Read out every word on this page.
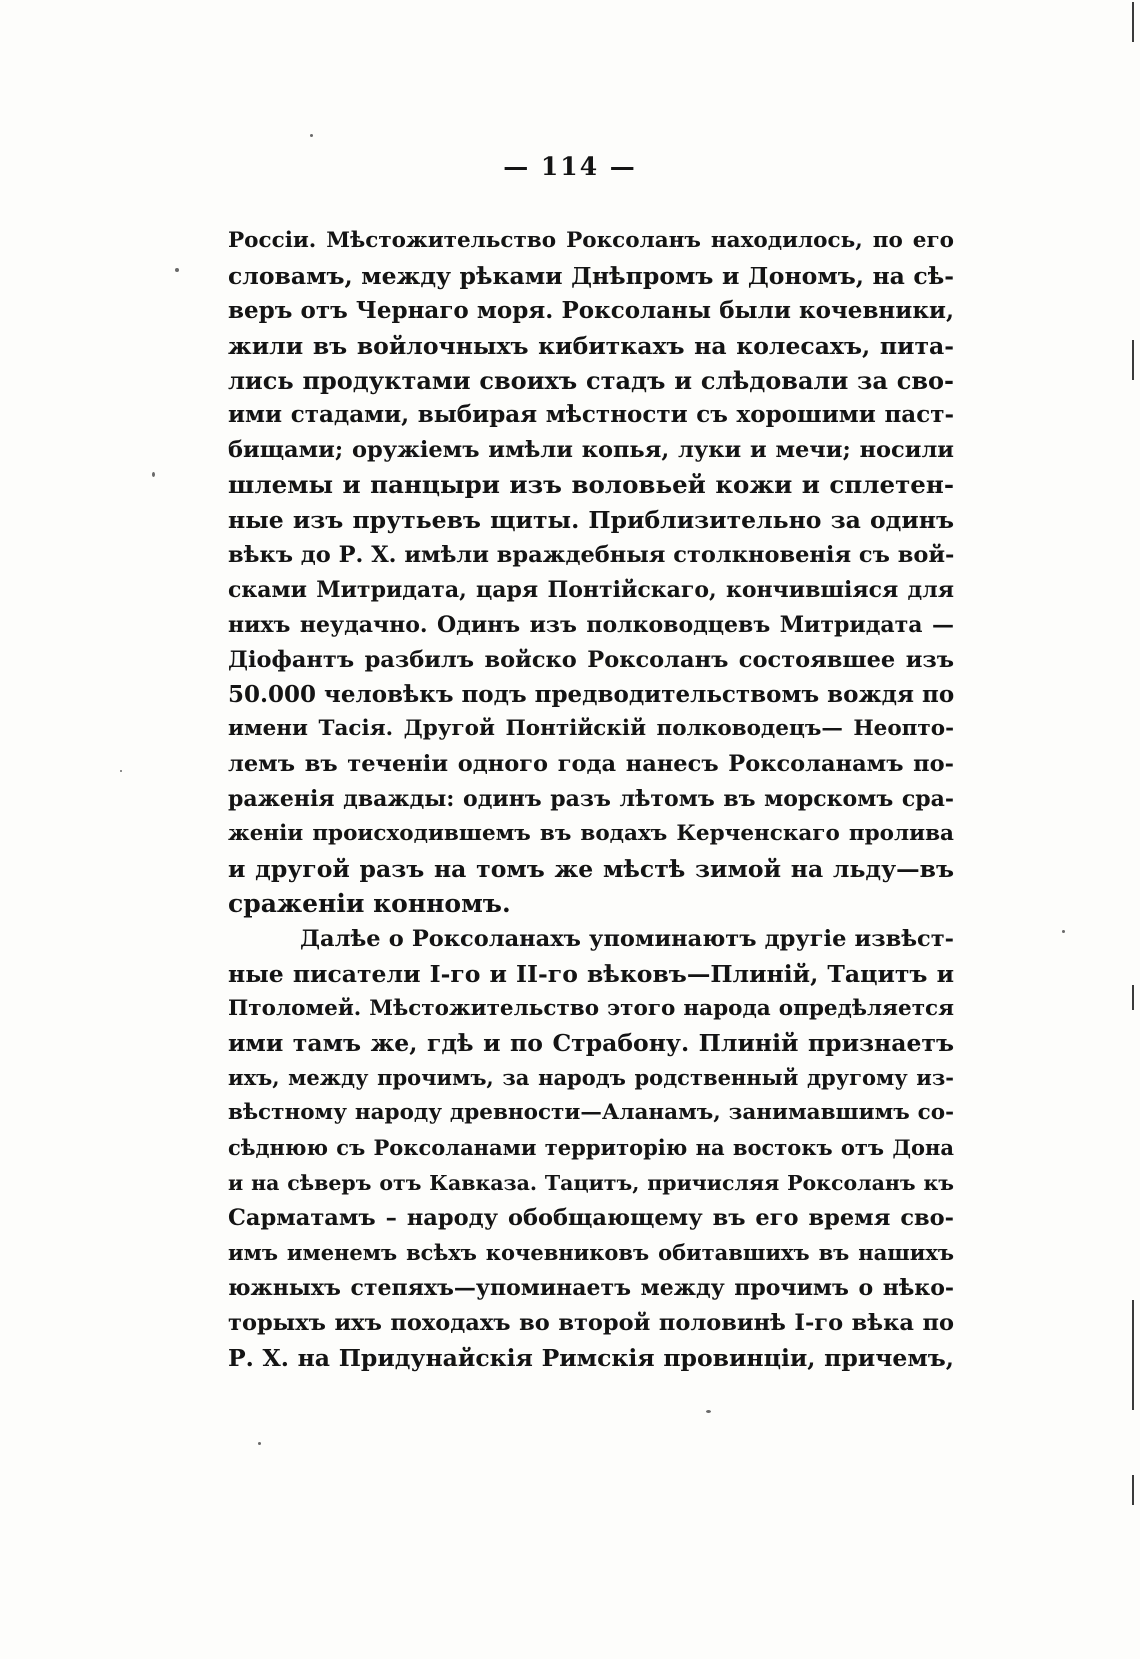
— 114 —
Россіи. Мѣстожительство Роксоланъ находилось, по его
словамъ, между рѣками Днѣпромъ и Дономъ, на сѣ-
веръ отъ Чернаго моря. Роксоланы были кочевники,
жили въ войлочныхъ кибиткахъ на колесахъ, пита-
лись продуктами своихъ стадъ и слѣдовали за сво-
ими стадами, выбирая мѣстности съ хорошими паст-
бищами; оружіемъ имѣли копья, луки и мечи; носили
шлемы и панцыри изъ воловьей кожи и сплетен-
ные изъ прутьевъ щиты. Приблизительно за одинъ
вѣкъ до Р. Х. имѣли враждебныя столкновенія съ вой-
сками Митридата, царя Понтійскаго, кончившіяся для
нихъ неудачно. Одинъ изъ полководцевъ Митридата —
Діофантъ разбилъ войско Роксоланъ состоявшее изъ
50.000 человѣкъ подъ предводительствомъ вождя по
имени Тасія. Другой Понтійскій полководецъ— Неопто-
лемъ въ теченіи одного года нанесъ Роксоланамъ по-
раженія дважды: одинъ разъ лѣтомъ въ морскомъ сра-
женіи происходившемъ въ водахъ Керченскаго пролива
и другой разъ на томъ же мѣстѣ зимой на льду—въ
сраженіи конномъ.
Далѣе о Роксоланахъ упоминаютъ другіе извѣст-
ные писатели I-го и II-го вѣковъ—Плиній, Тацитъ и
Птоломей. Мѣстожительство этого народа опредѣляется
ими тамъ же, гдѣ и по Страбону. Плиній признаетъ
ихъ, между прочимъ, за народъ родственный другому из-
вѣстному народу древности—Аланамъ, занимавшимъ со-
сѣднюю съ Роксоланами территорію на востокъ отъ Дона
и на сѣверъ отъ Кавказа. Тацитъ, причисляя Роксоланъ къ
Сарматамъ – народу обобщающему въ его время сво-
имъ именемъ всѣхъ кочевниковъ обитавшихъ въ нашихъ
южныхъ степяхъ—упоминаетъ между прочимъ о нѣко-
торыхъ ихъ походахъ во второй половинѣ I-го вѣка по
Р. Х. на Придунайскія Римскія провинціи, причемъ,
